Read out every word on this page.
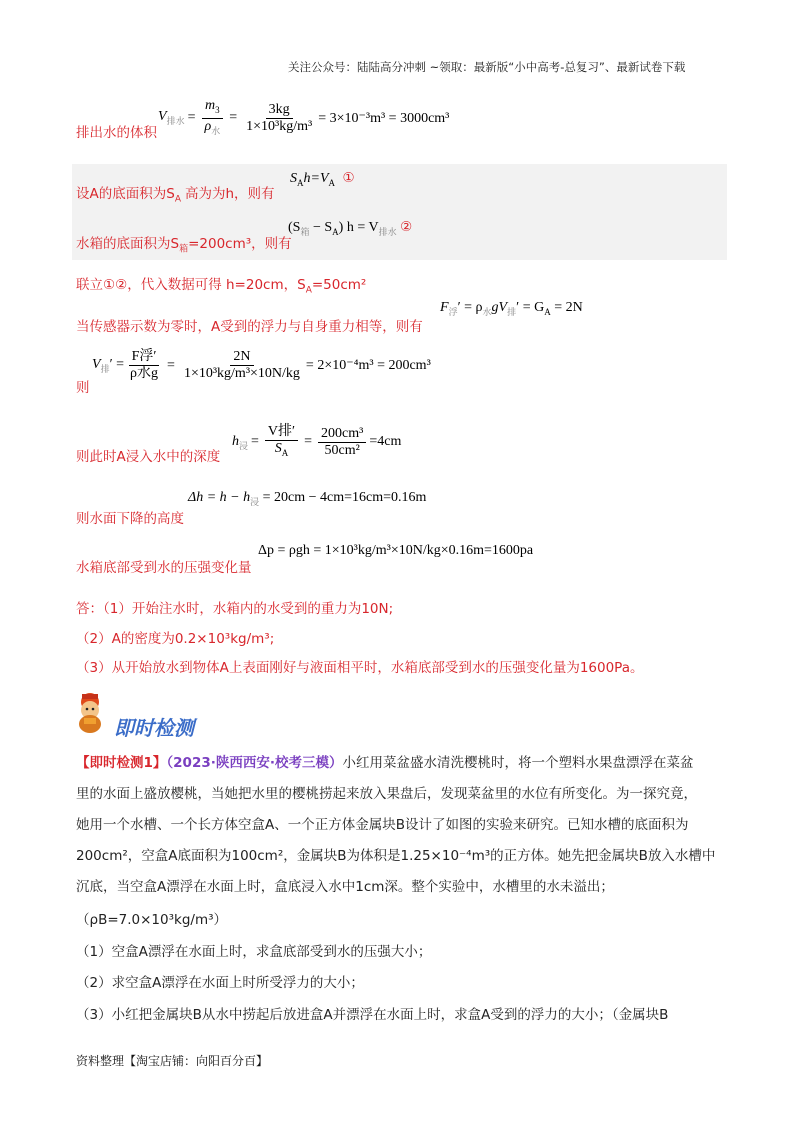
关注公众号：陆陆高分冲刺 ~领取：最新版“小中高考-总复习”、最新试卷下载
排出水的体积
$V_{排水} = \frac{m_3}{\rho_水} = \frac{3kg}{\text{1×10³kg/m³}} = 3\times 10^{-3}m^3 = 3000cm^3$
设A的底面积为$S_A$ 高为为h，则有
$S_Ah=V_A$ ①
水箱的底面积为$S_箱=200cm^3$，则有
$(S_箱 - S_A) h = V_{排水}$ ②
联立①②，代入数据可得 h=20cm，$S_A=50cm^2$
当传感器示数为零时，A受到的浮力与自身重力相等，则有
$F_浮' = \rho_水gV_排' = G_A = 2N$
则
$V_排' = \frac{\text{F浮′}}{\text{ρ水g}} = \frac{2N}{\text{1×10³kg/m³×10N/kg}} = 2\times 10^{-4}m^3 = 200cm^3$
则此时A浸入水中的深度
$h_浸 = \frac{\text{V排′}}{S_A} = \frac{\text{200cm³}}{\text{50cm²}} =4cm$
则水面下降的高度
$\Delta h = h - h_浸 = 20cm - 4cm=16cm=0.16m$
水箱底部受到水的压强变化量
Δp = ρgh = 1×10³kg/m³×10N/kg×0.16m=1600pa
答：（1）开始注水时，水箱内的水受到的重力为10N;
（2）A的密度为0.2×10³kg/m³;
（3）从开始放水到物体A上表面刚好与液面相平时，水箱底部受到水的压强变化量为1600Pa。
即时检测
【即时检测1】（2023·陕西西安·校考三模）小红用菜盆盛水清洗樱桃时，将一个塑料水果盘漂浮在菜盆
里的水面上盛放樱桃，当她把水里的樱桃捞起来放入果盘后，发现菜盆里的水位有所变化。为一探究竟，
她用一个水槽、一个长方体空盒A、一个正方体金属块B设计了如图的实验来研究。已知水槽的底面积为
200cm²，空盒A底面积为100cm²，金属块B为体积是1.25×10⁻⁴m³的正方体。她先把金属块B放入水槽中
沉底，当空盒A漂浮在水面上时，盒底浸入水中1cm深。整个实验中，水槽里的水未溢出；
（ρB=7.0×10³kg/m³）
（1）空盒A漂浮在水面上时，求盒底部受到水的压强大小；
（2）求空盒A漂浮在水面上时所受浮力的大小；
（3）小红把金属块B从水中捞起后放进盒A并漂浮在水面上时，求盒A受到的浮力的大小；（金属块B
资料整理【淘宝店铺：向阳百分百】
